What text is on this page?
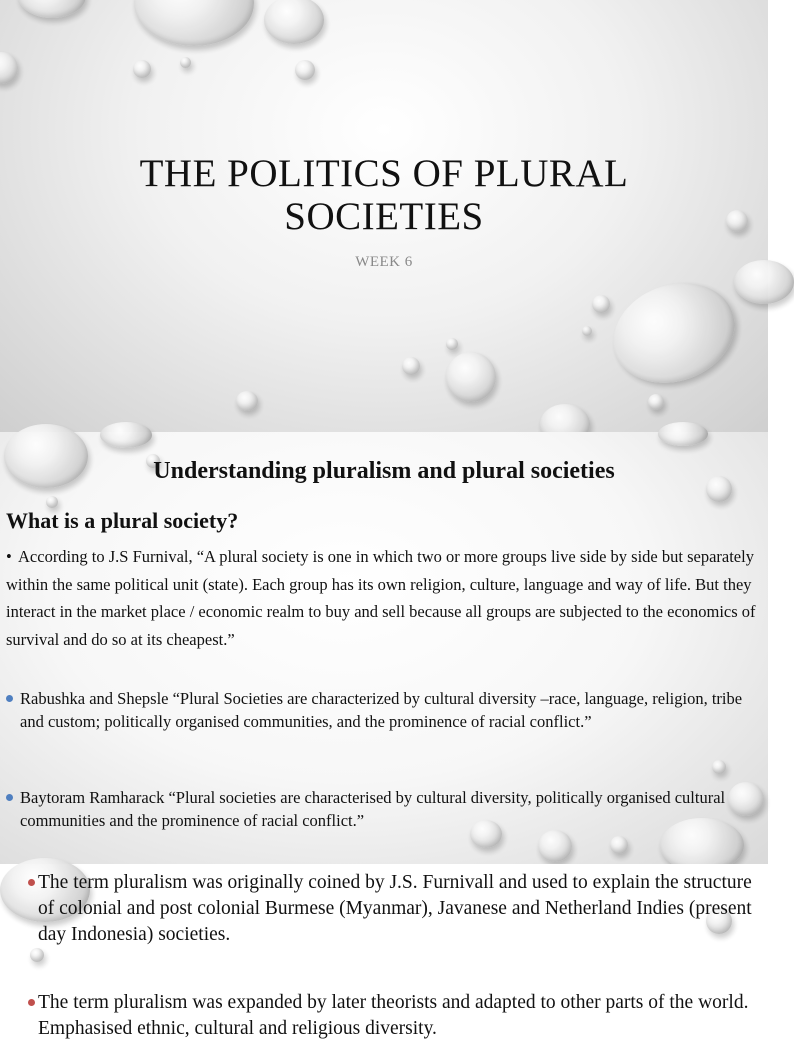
THE POLITICS OF PLURAL SOCIETIES
WEEK 6
Understanding pluralism and plural societies
What is a plural society?
• According to J.S Furnival, “A plural society is one in which two or more groups live side by side but separately within the same political unit (state). Each group has its own religion, culture, language and way of life. But they interact in the market place / economic realm to buy and sell because all groups are subjected to the economics of survival and do so at its cheapest.”
Rabushka and Shepsle “Plural Societies are characterized by cultural diversity –race, language, religion, tribe and custom; politically organised communities, and the prominence of racial conflict.”
Baytoram Ramharack “Plural societies are characterised by cultural diversity, politically organised cultural communities and the prominence of racial conflict.”
The term pluralism was originally coined by J.S. Furnivall and used to explain the structure of colonial and post colonial Burmese (Myanmar), Javanese and Netherland Indies (present day Indonesia) societies.
The term pluralism was expanded by later theorists and adapted to other parts of the world. Emphasised ethnic, cultural and religious diversity.
